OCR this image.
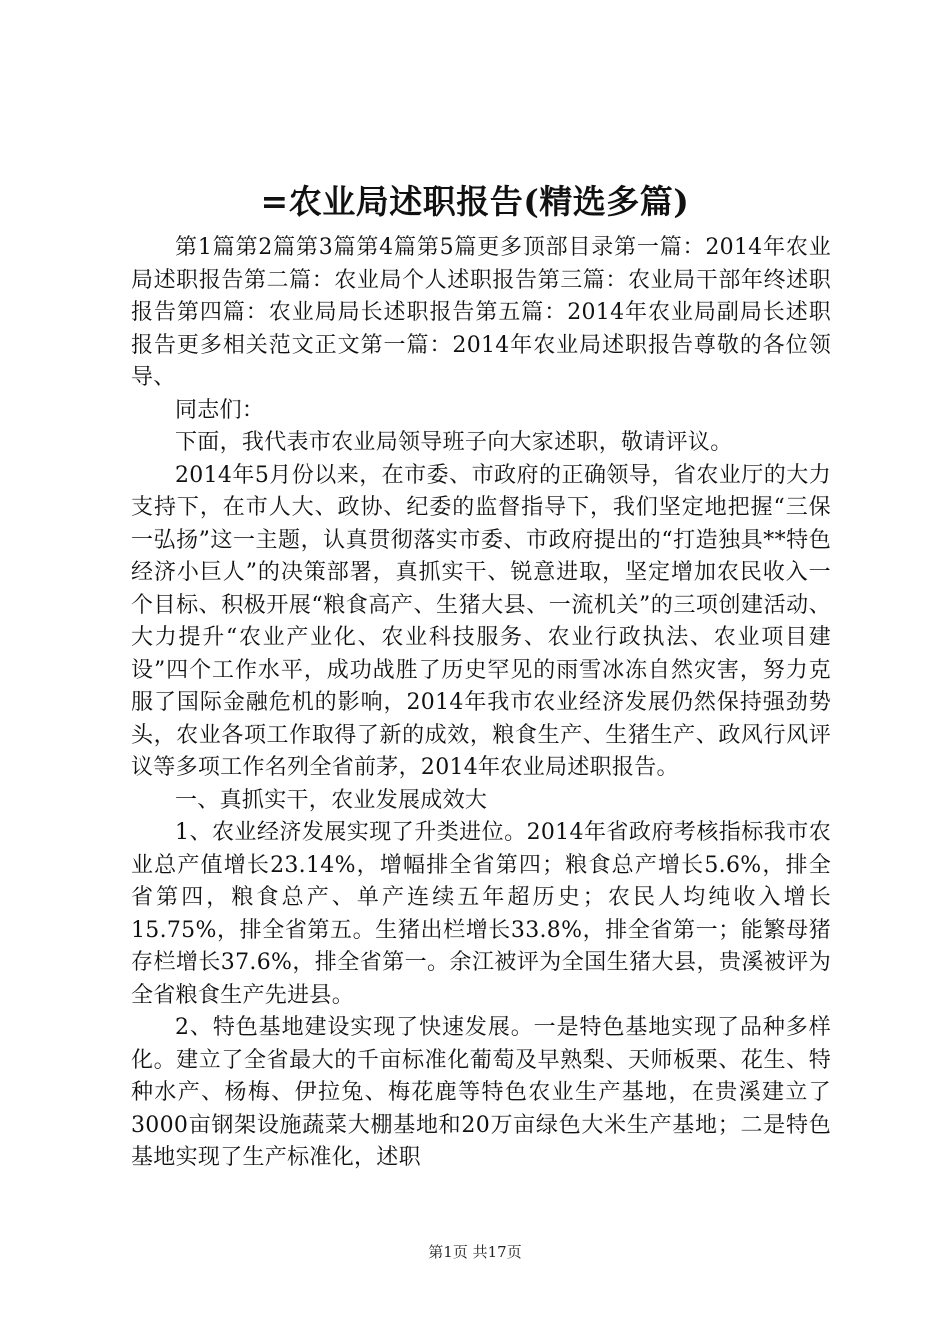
=农业局述职报告(精选多篇)

第1篇第2篇第3篇第4篇第5篇更多顶部目录第一篇：2014年农业局述职报告第二篇：农业局个人述职报告第三篇：农业局干部年终述职报告第四篇：农业局局长述职报告第五篇：2014年农业局副局长述职报告更多相关范文正文第一篇：2014年农业局述职报告尊敬的各位领导、

同志们：

下面，我代表市农业局领导班子向大家述职，敬请评议。

2014年5月份以来，在市委、市政府的正确领导，省农业厅的大力支持下，在市人大、政协、纪委的监督指导下，我们坚定地把握“三保一弘扬”这一主题，认真贯彻落实市委、市政府提出的“打造独具**特色经济小巨人”的决策部署，真抓实干、锐意进取，坚定增加农民收入一个目标、积极开展“粮食高产、生猪大县、一流机关”的三项创建活动、大力提升“农业产业化、农业科技服务、农业行政执法、农业项目建设”四个工作水平，成功战胜了历史罕见的雨雪冰冻自然灾害，努力克服了国际金融危机的影响，2014年我市农业经济发展仍然保持强劲势头，农业各项工作取得了新的成效，粮食生产、生猪生产、政风行风评议等多项工作名列全省前茅，2014年农业局述职报告。

一、真抓实干，农业发展成效大

1、农业经济发展实现了升类进位。2014年省政府考核指标我市农业总产值增长23.14%，增幅排全省第四；粮食总产增长5.6%，排全省第四，粮食总产、单产连续五年超历史；农民人均纯收入增长15.75%，排全省第五。生猪出栏增长33.8%，排全省第一；能繁母猪存栏增长37.6%，排全省第一。余江被评为全国生猪大县，贵溪被评为全省粮食生产先进县。

2、特色基地建设实现了快速发展。一是特色基地实现了品种多样化。建立了全省最大的千亩标准化葡萄及早熟梨、天师板栗、花生、特种水产、杨梅、伊拉兔、梅花鹿等特色农业生产基地，在贵溪建立了3000亩钢架设施蔬菜大棚基地和20万亩绿色大米生产基地；二是特色基地实现了生产标准化，述职

第1页 共17页
